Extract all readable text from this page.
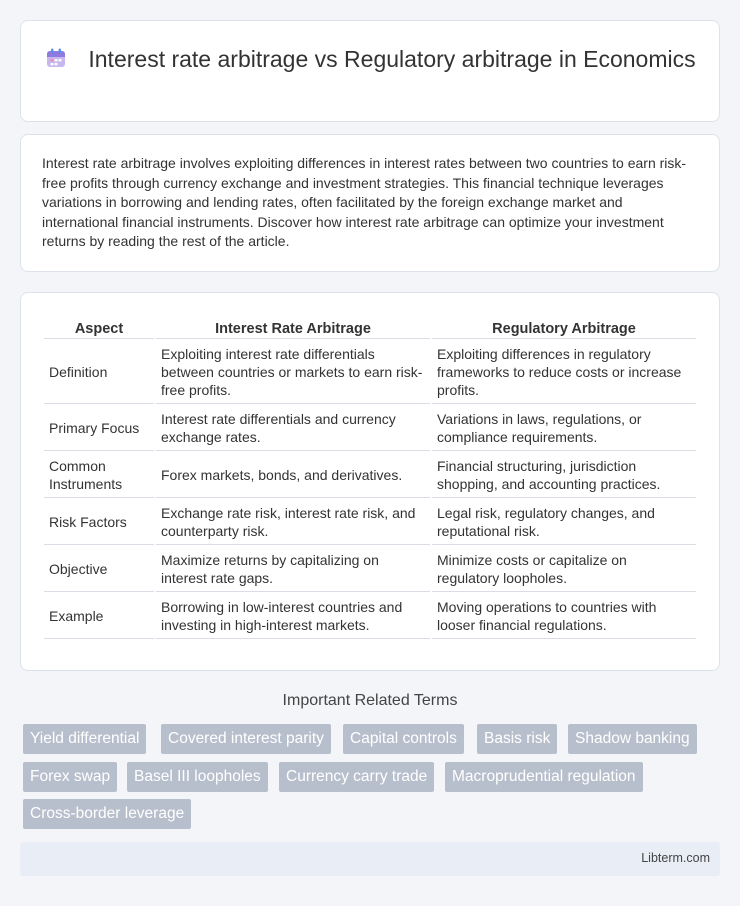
Interest rate arbitrage vs Regulatory arbitrage in Economics

Interest rate arbitrage involves exploiting differences in interest rates between two countries to earn risk-free profits through currency exchange and investment strategies. This financial technique leverages variations in borrowing and lending rates, often facilitated by the foreign exchange market and international financial instruments. Discover how interest rate arbitrage can optimize your investment returns by reading the rest of the article.

Aspect	Interest Rate Arbitrage	Regulatory Arbitrage
Definition	Exploiting interest rate differentials between countries or markets to earn risk-free profits.	Exploiting differences in regulatory frameworks to reduce costs or increase profits.
Primary Focus	Interest rate differentials and currency exchange rates.	Variations in laws, regulations, or compliance requirements.
Common Instruments	Forex markets, bonds, and derivatives.	Financial structuring, jurisdiction shopping, and accounting practices.
Risk Factors	Exchange rate risk, interest rate risk, and counterparty risk.	Legal risk, regulatory changes, and reputational risk.
Objective	Maximize returns by capitalizing on interest rate gaps.	Minimize costs or capitalize on regulatory loopholes.
Example	Borrowing in low-interest countries and investing in high-interest markets.	Moving operations to countries with looser financial regulations.
Important Related Terms
Yield differential	Covered interest parity	Capital controls	Basis risk	Shadow banking
Forex swap	Basel III loopholes	Currency carry trade	Macroprudential regulation
Cross-border leverage
Libterm.com
